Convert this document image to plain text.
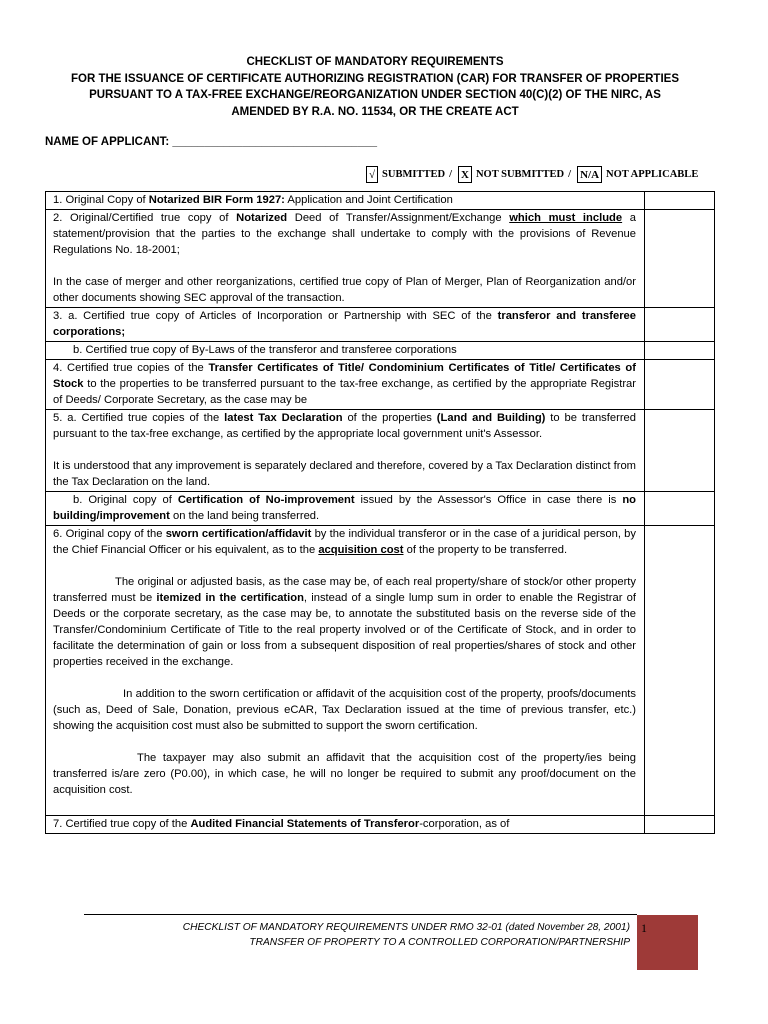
CHECKLIST OF MANDATORY REQUIREMENTS
FOR THE ISSUANCE OF CERTIFICATE AUTHORIZING REGISTRATION (CAR) FOR TRANSFER OF PROPERTIES
PURSUANT TO A TAX-FREE EXCHANGE/REORGANIZATION UNDER SECTION 40(C)(2) OF THE NIRC, AS
AMENDED BY R.A. NO. 11534, OR THE CREATE ACT
NAME OF APPLICANT: ________________________________
√ SUBMITTED / X NOT SUBMITTED / N/A NOT APPLICABLE

1. Original Copy of Notarized BIR Form 1927: Application and Joint Certification	

2. Original/Certified true copy of Notarized Deed of Transfer/Assignment/Exchange which must include a statement/provision that the parties to the exchange shall undertake to comply with the provisions of Revenue Regulations No. 18-2001;

In the case of merger and other reorganizations, certified true copy of Plan of Merger, Plan of Reorganization and/or other documents showing SEC approval of the transaction.	

3. a. Certified true copy of Articles of Incorporation or Partnership with SEC of the transferor and transferee corporations;	

b. Certified true copy of By-Laws of the transferor and transferee corporations	

4. Certified true copies of the Transfer Certificates of Title/ Condominium Certificates of Title/ Certificates of Stock to the properties to be transferred pursuant to the tax-free exchange, as certified by the appropriate Registrar of Deeds/ Corporate Secretary, as the case may be	

5. a. Certified true copies of the latest Tax Declaration of the properties (Land and Building) to be transferred pursuant to the tax-free exchange, as certified by the appropriate local government unit's Assessor.

It is understood that any improvement is separately declared and therefore, covered by a Tax Declaration distinct from the Tax Declaration on the land.	

b. Original copy of Certification of No-improvement issued by the Assessor's Office in case there is no building/improvement on the land being transferred.	

6. Original copy of the sworn certification/affidavit by the individual transferor or in the case of a juridical person, by the Chief Financial Officer or his equivalent, as to the acquisition cost of the property to be transferred.

The original or adjusted basis, as the case may be, of each real property/share of stock/or other property transferred must be itemized in the certification, instead of a single lump sum in order to enable the Registrar of Deeds or the corporate secretary, as the case may be, to annotate the substituted basis on the reverse side of the Transfer/Condominium Certificate of Title to the real property involved or of the Certificate of Stock, and in order to facilitate the determination of gain or loss from a subsequent disposition of real properties/shares of stock and other properties received in the exchange.

In addition to the sworn certification or affidavit of the acquisition cost of the property, proofs/documents (such as, Deed of Sale, Donation, previous eCAR, Tax Declaration issued at the time of previous transfer, etc.) showing the acquisition cost must also be submitted to support the sworn certification.

The taxpayer may also submit an affidavit that the acquisition cost of the property/ies being transferred is/are zero (P0.00), in which case, he will no longer be required to submit any proof/document on the acquisition cost.	

7. Certified true copy of the Audited Financial Statements of Transferor-corporation, as of	

CHECKLIST OF MANDATORY REQUIREMENTS UNDER RMO 32-01 (dated November 28, 2001)
TRANSFER OF PROPERTY TO A CONTROLLED CORPORATION/PARTNERSHIP
1
